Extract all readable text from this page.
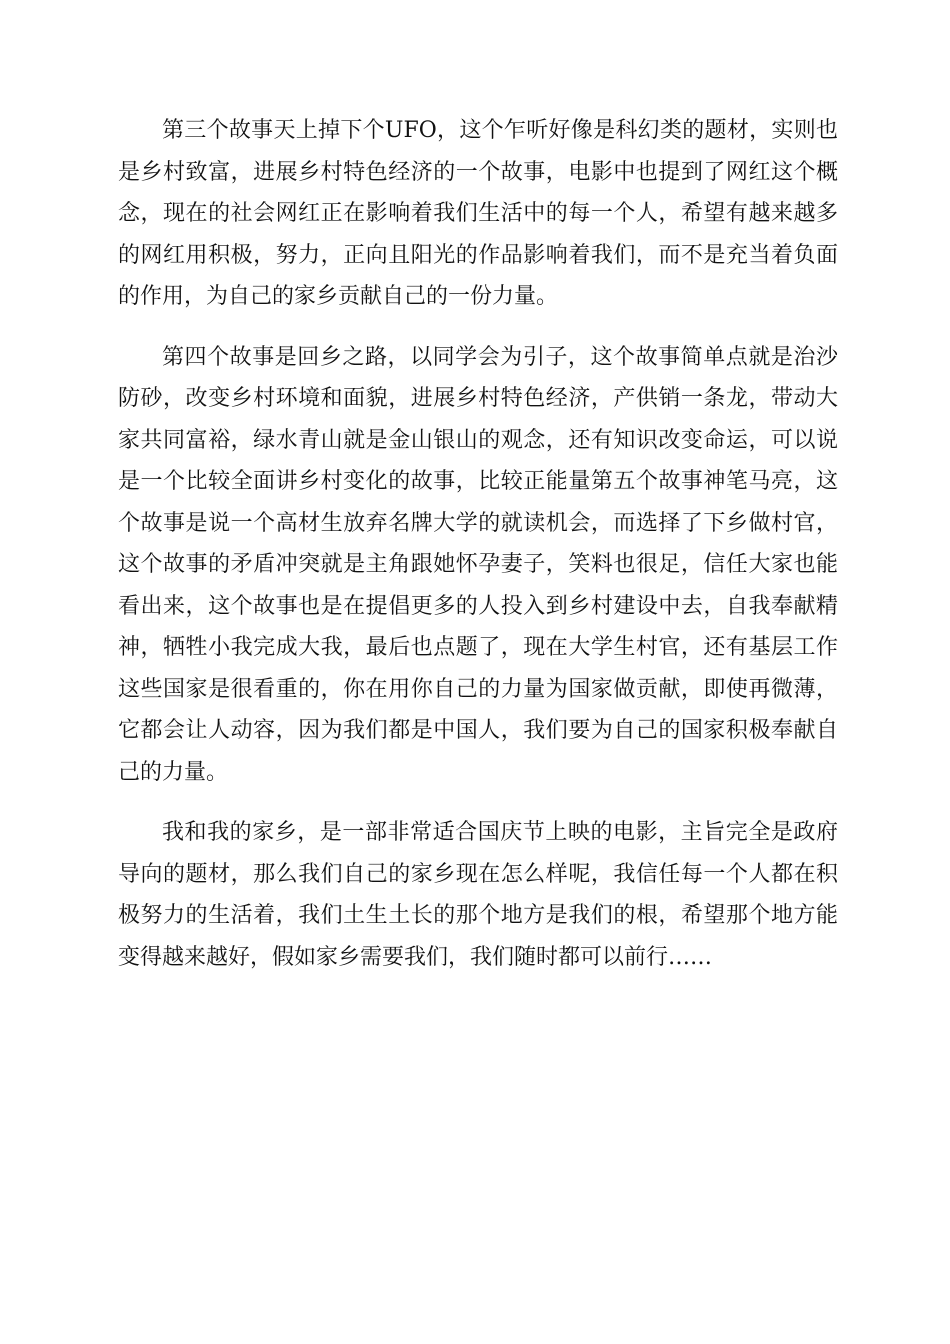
第三个故事天上掉下个UFO，这个乍听好像是科幻类的题材，实则也是乡村致富，进展乡村特色经济的一个故事，电影中也提到了网红这个概念，现在的社会网红正在影响着我们生活中的每一个人，希望有越来越多的网红用积极，努力，正向且阳光的作品影响着我们，而不是充当着负面的作用，为自己的家乡贡献自己的一份力量。

第四个故事是回乡之路，以同学会为引子，这个故事简单点就是治沙防砂，改变乡村环境和面貌，进展乡村特色经济，产供销一条龙，带动大家共同富裕，绿水青山就是金山银山的观念，还有知识改变命运，可以说是一个比较全面讲乡村变化的故事，比较正能量第五个故事神笔马亮，这个故事是说一个高材生放弃名牌大学的就读机会，而选择了下乡做村官，这个故事的矛盾冲突就是主角跟她怀孕妻子，笑料也很足，信任大家也能看出来，这个故事也是在提倡更多的人投入到乡村建设中去，自我奉献精神，牺牲小我完成大我，最后也点题了，现在大学生村官，还有基层工作这些国家是很看重的，你在用你自己的力量为国家做贡献，即使再微薄，它都会让人动容，因为我们都是中国人，我们要为自己的国家积极奉献自己的力量。

我和我的家乡，是一部非常适合国庆节上映的电影，主旨完全是政府导向的题材，那么我们自己的家乡现在怎么样呢，我信任每一个人都在积极努力的生活着，我们土生土长的那个地方是我们的根，希望那个地方能变得越来越好，假如家乡需要我们，我们随时都可以前行……
